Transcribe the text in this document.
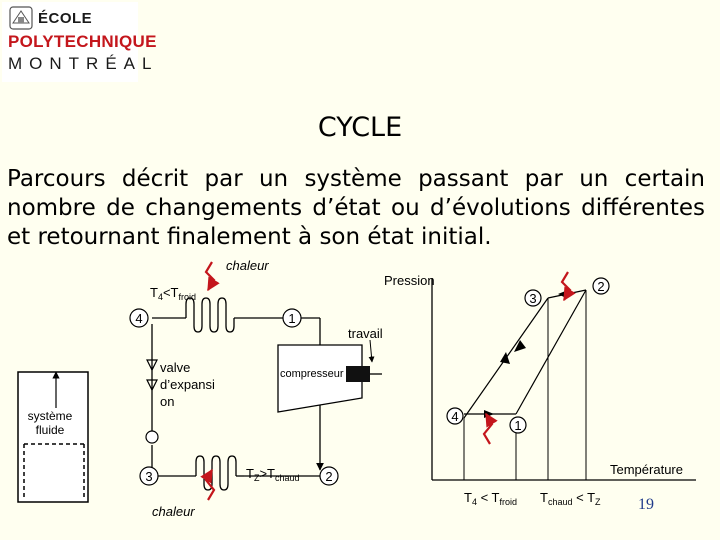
ÉCOLE
POLYTECHNIQUE
MONTRÉAL
CYCLE
Parcours décrit par un système passant par un certain nombre de changements d’état ou d’évolutions différentes et retournant finalement à son état initial.
4	1
3	2
chaleur
$T_4<T_{froid}$
valve
d’expansi
on
compresseur
travail
$T_Z>T_{chaud}$
chaleur
système
fluide
3
2
4
1
Pression
Température
$T_4 < T_{froid}$ $T_{chaud} < T_Z$ 19
